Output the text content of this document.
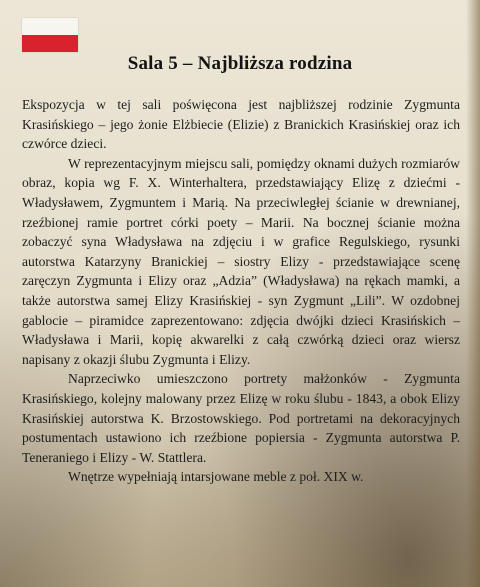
Sala 5 – Najbliższa rodzina

Ekspozycja w tej sali poświęcona jest najbliższej rodzinie Zygmunta Krasińskiego – jego żonie Elżbiecie (Elizie) z Branickich Krasińskiej oraz ich czwórce dzieci.

W reprezentacyjnym miejscu sali, pomiędzy oknami dużych rozmiarów obraz, kopia wg F. X. Winterhaltera, przedstawiający Elizę z dziećmi - Władysławem, Zygmuntem i Marią. Na przeciwległej ścianie w drewnianej, rzeźbionej ramie portret córki poety – Marii. Na bocznej ścianie można zobaczyć syna Władysława na zdjęciu i w grafice Regulskiego, rysunki autorstwa Katarzyny Branickiej – siostry Elizy - przedstawiające scenę zaręczyn Zygmunta i Elizy oraz „Adzia” (Władysława) na rękach mamki, a także autorstwa samej Elizy Krasińskiej - syn Zygmunt „Lili”. W ozdobnej gablocie – piramidce zaprezentowano: zdjęcia dwójki dzieci Krasińskich – Władysława i Marii, kopię akwarelki z całą czwórką dzieci oraz wiersz napisany z okazji ślubu Zygmunta i Elizy.

Naprzeciwko umieszczono portrety małżonków - Zygmunta Krasińskiego, kolejny malowany przez Elizę w roku ślubu - 1843, a obok Elizy Krasińskiej autorstwa K. Brzostowskiego. Pod portretami na dekoracyjnych postumentach ustawiono ich rzeźbione popiersia - Zygmunta autorstwa P. Teneraniego i Elizy - W. Stattlera.

Wnętrze wypełniają intarsjowane meble z poł. XIX w.
